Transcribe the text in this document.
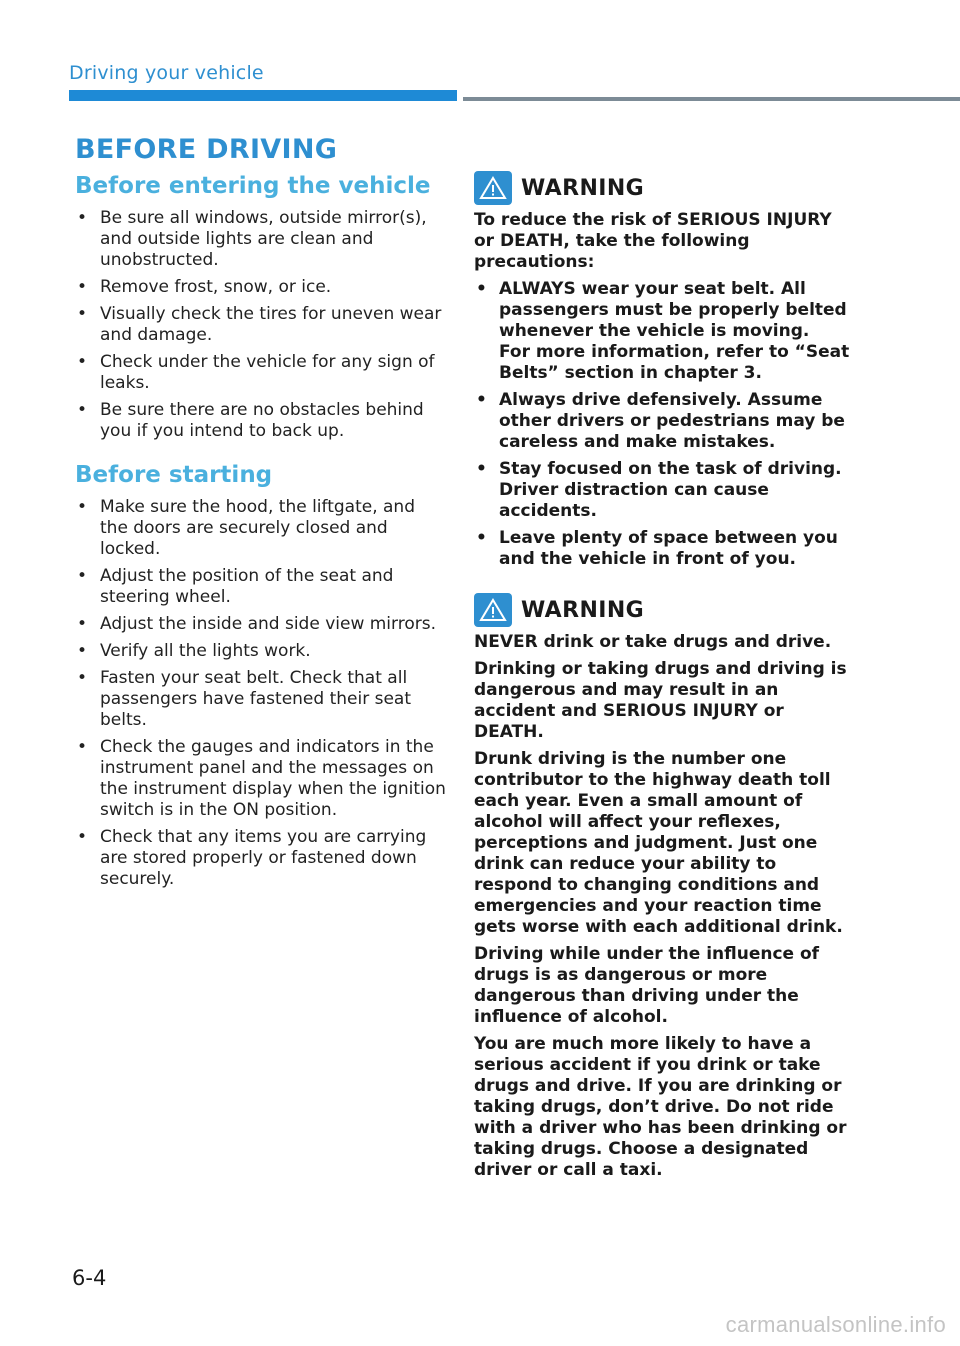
Driving your vehicle
BEFORE DRIVING
Before entering the vehicle
• Be sure all windows, outside mirror(s), and outside lights are clean and unobstructed.
• Remove frost, snow, or ice.
• Visually check the tires for uneven wear and damage.
• Check under the vehicle for any sign of leaks.
• Be sure there are no obstacles behind you if you intend to back up.
Before starting
• Make sure the hood, the liftgate, and the doors are securely closed and locked.
• Adjust the position of the seat and steering wheel.
• Adjust the inside and side view mirrors.
• Verify all the lights work.
• Fasten your seat belt. Check that all passengers have fastened their seat belts.
• Check the gauges and indicators in the instrument panel and the messages on the instrument display when the ignition switch is in the ON position.
• Check that any items you are carrying are stored properly or fastened down securely.
WARNING

To reduce the risk of SERIOUS INJURY or DEATH, take the following precautions:

• ALWAYS wear your seat belt. All passengers must be properly belted whenever the vehicle is moving.
For more information, refer to “Seat Belts” section in chapter 3.
• Always drive defensively. Assume other drivers or pedestrians may be careless and make mistakes.
• Stay focused on the task of driving. Driver distraction can cause accidents.
• Leave plenty of space between you and the vehicle in front of you.
WARNING

NEVER drink or take drugs and drive.

Drinking or taking drugs and driving is dangerous and may result in an accident and SERIOUS INJURY or DEATH.

Drunk driving is the number one contributor to the highway death toll each year. Even a small amount of alcohol will affect your reflexes, perceptions and judgment. Just one drink can reduce your ability to respond to changing conditions and emergencies and your reaction time gets worse with each additional drink.

Driving while under the influence of drugs is as dangerous or more dangerous than driving under the influence of alcohol.

You are much more likely to have a serious accident if you drink or take drugs and drive. If you are drinking or taking drugs, don’t drive. Do not ride with a driver who has been drinking or taking drugs. Choose a designated driver or call a taxi.

6-4
carmanualsonline.info
